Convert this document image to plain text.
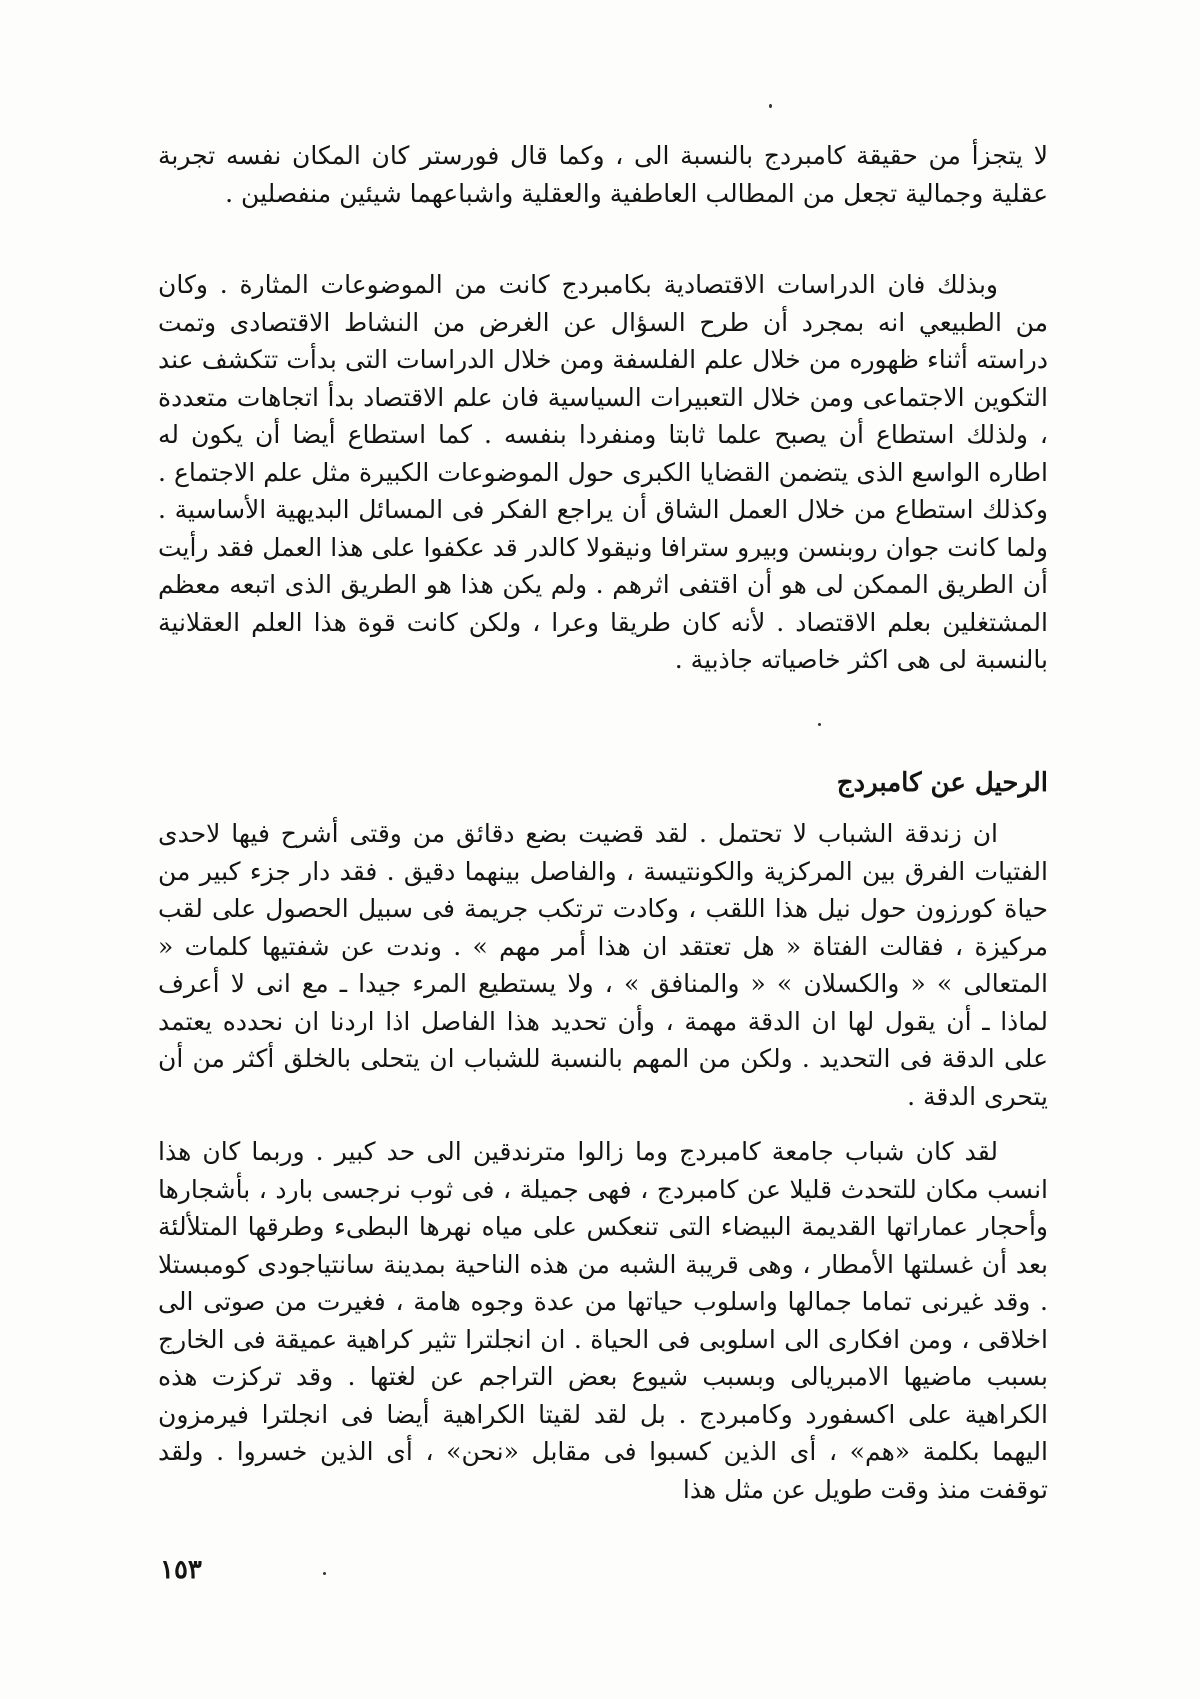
لا يتجزأ من حقيقة كامبردج بالنسبة الى ، وكما قال فورستر كان المكان نفسه تجربة عقلية وجمالية تجعل من المطالب العاطفية والعقلية واشباعهما شيئين منفصلين .

وبذلك فان الدراسات الاقتصادية بكامبردج كانت من الموضوعات المثارة . وكان من الطبيعي انه بمجرد أن طرح السؤال عن الغرض من النشاط الاقتصادى وتمت دراسته أثناء ظهوره من خلال علم الفلسفة ومن خلال الدراسات التى بدأت تتكشف عند التكوين الاجتماعى ومن خلال التعبيرات السياسية فان علم الاقتصاد بدأ اتجاهات متعددة ، ولذلك استطاع أن يصبح علما ثابتا ومنفردا بنفسه . كما استطاع أيضا أن يكون له اطاره الواسع الذى يتضمن القضايا الكبرى حول الموضوعات الكبيرة مثل علم الاجتماع . وكذلك استطاع من خلال العمل الشاق أن يراجع الفكر فى المسائل البديهية الأساسية . ولما كانت جوان روبنسن وبيرو سترافا ونيقولا كالدر قد عكفوا على هذا العمل فقد رأيت أن الطريق الممكن لى هو أن اقتفى اثرهم . ولم يكن هذا هو الطريق الذى اتبعه معظم المشتغلين بعلم الاقتصاد . لأنه كان طريقا وعرا ، ولكن كانت قوة هذا العلم العقلانية بالنسبة لى هى اكثر خاصياته جاذبية .

الرحيل عن كامبردج

ان زندقة الشباب لا تحتمل . لقد قضيت بضع دقائق من وقتى أشرح فيها لاحدى الفتيات الفرق بين المركزية والكونتيسة ، والفاصل بينهما دقيق . فقد دار جزء كبير من حياة كورزون حول نيل هذا اللقب ، وكادت ترتكب جريمة فى سبيل الحصول على لقب مركيزة ، فقالت الفتاة « هل تعتقد ان هذا أمر مهم » . وندت عن شفتيها كلمات « المتعالى » « والكسلان » « والمنافق » ، ولا يستطيع المرء جيدا ـ مع انى لا أعرف لماذا ـ أن يقول لها ان الدقة مهمة ، وأن تحديد هذا الفاصل اذا اردنا ان نحدده يعتمد على الدقة فى التحديد . ولكن من المهم بالنسبة للشباب ان يتحلى بالخلق أكثر من أن يتحرى الدقة .

لقد كان شباب جامعة كامبردج وما زالوا مترندقين الى حد كبير . وربما كان هذا انسب مكان للتحدث قليلا عن كامبردج ، فهى جميلة ، فى ثوب نرجسى بارد ، بأشجارها وأحجار عماراتها القديمة البيضاء التى تنعكس على مياه نهرها البطىء وطرقها المتلألئة بعد أن غسلتها الأمطار ، وهى قريبة الشبه من هذه الناحية بمدينة سانتياجودى كومبستلا . وقد غيرنى تماما جمالها واسلوب حياتها من عدة وجوه هامة ، فغيرت من صوتى الى اخلاقى ، ومن افكارى الى اسلوبى فى الحياة . ان انجلترا تثير كراهية عميقة فى الخارج بسبب ماضيها الامبريالى وبسبب شيوع بعض التراجم عن لغتها . وقد تركزت هذه الكراهية على اكسفورد وكامبردج . بل لقد لقيتا الكراهية أيضا فى انجلترا فيرمزون اليهما بكلمة «هم» ، أى الذين كسبوا فى مقابل «نحن» ، أى الذين خسروا . ولقد توقفت منذ وقت طويل عن مثل هذا

١٥٣
